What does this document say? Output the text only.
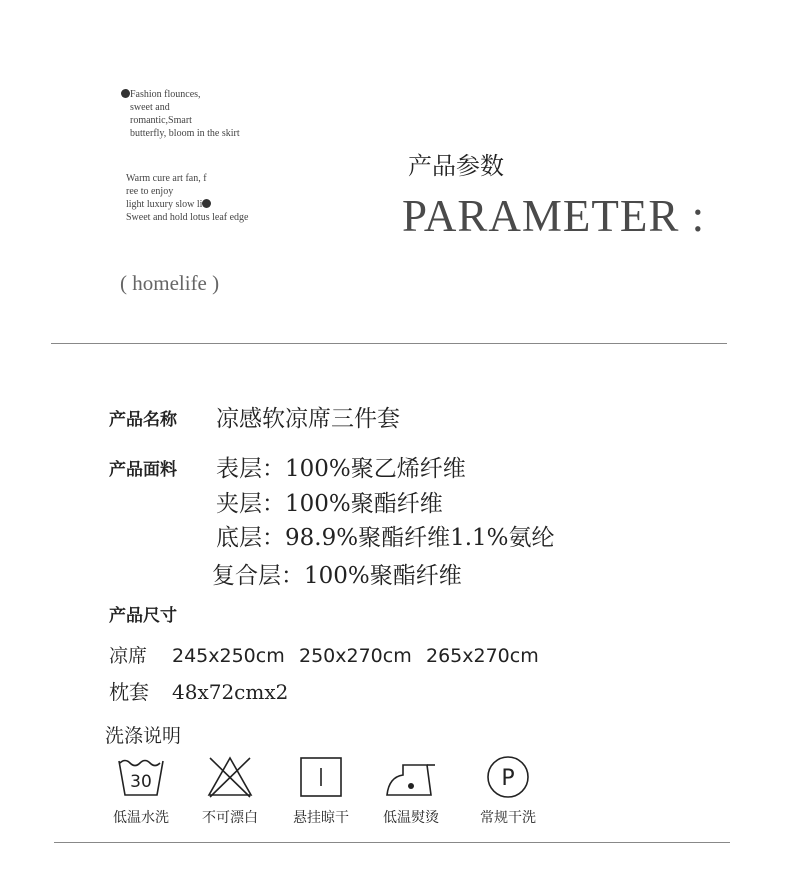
Fashion flounces,
sweet and
romantic,Smart
butterfly, bloom in the skirt
Warm cure art fan, f
ree to enjoy
light luxury slow li
Sweet and hold lotus leaf edge
产品参数
PARAMETER :
( homelife )
产品名称 凉感软凉席三件套
产品面料 表层：100%聚乙烯纤维
夹层：100%聚酯纤维
底层：98.9%聚酯纤维1.1%氨纶
复合层：100%聚酯纤维
产品尺寸
凉席 245x250cm 250x270cm 265x270cm
枕套 48x72cmx2
洗涤说明
30
低温水洗	不可漂白	悬挂晾干	低温熨烫
P
常规干洗
